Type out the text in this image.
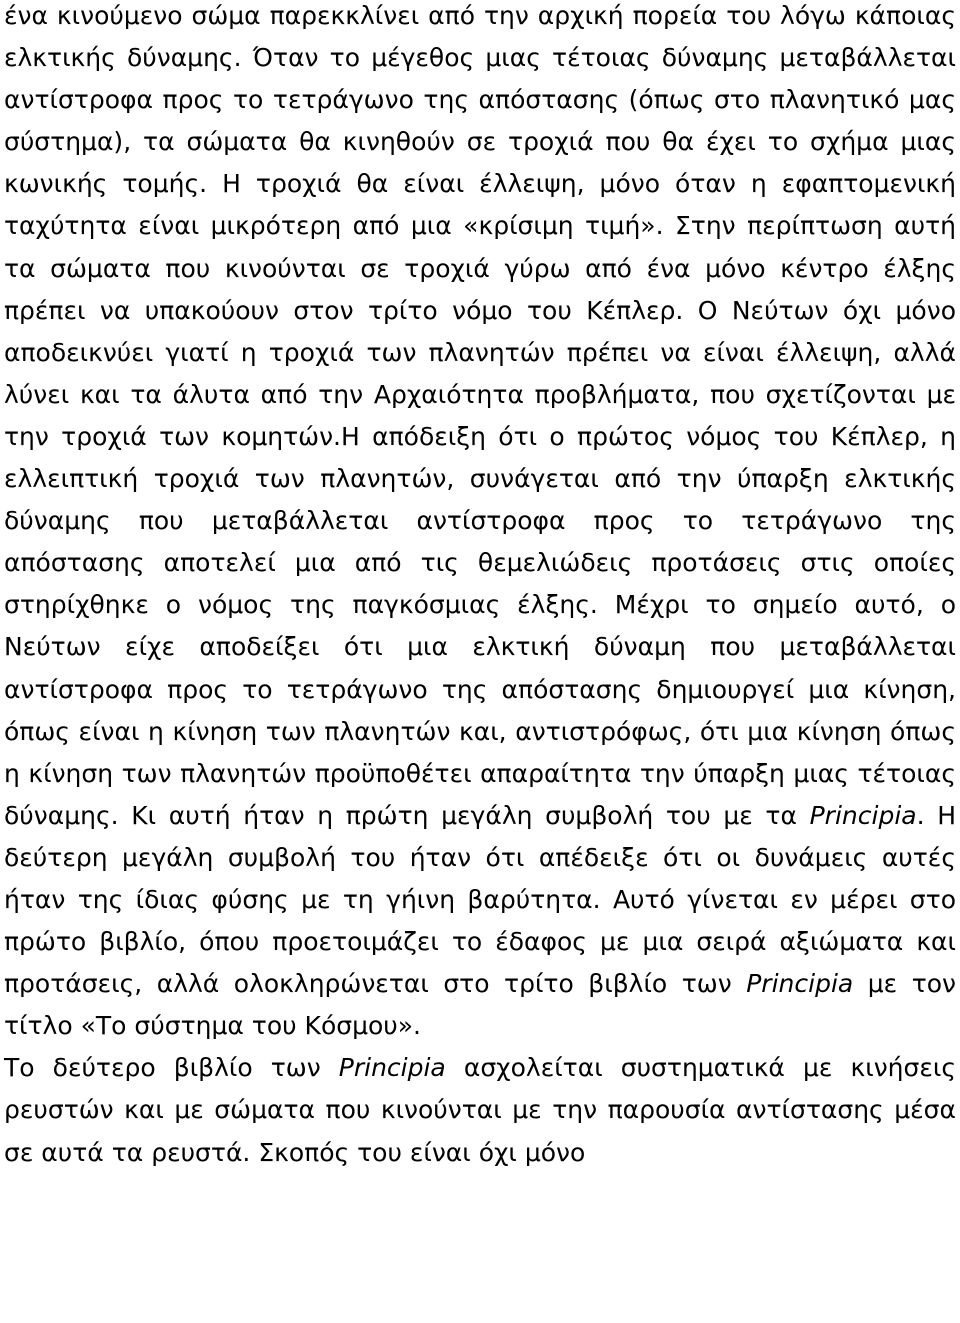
ένα κινούμενο σώμα παρεκκλίνει από την αρχική πορεία του λόγω κάποιας ελκτικής δύναμης. Όταν το μέγεθος μιας τέτοιας δύναμης μεταβάλλεται αντίστροφα προς το τετράγωνο της απόστασης (όπως στο πλανητικό μας σύστημα), τα σώματα θα κινηθούν σε τροχιά που θα έχει το σχήμα μιας κωνικής τομής. Η τροχιά θα είναι έλλειψη, μόνο όταν η εφαπτομενική ταχύτητα είναι μικρότερη από μια «κρίσιμη τιμή». Στην περίπτωση αυτή τα σώματα που κινούνται σε τροχιά γύρω από ένα μόνο κέντρο έλξης πρέπει να υπακούουν στον τρίτο νόμο του Κέπλερ. Ο Νεύτων όχι μόνο αποδεικνύει γιατί η τροχιά των πλανητών πρέπει να είναι έλλειψη, αλλά λύνει και τα άλυτα από την Αρχαιότητα προβλήματα, που σχετίζονται με την τροχιά των κομητών.Η απόδειξη ότι ο πρώτος νόμος του Κέπλερ, η ελλειπτική τροχιά των πλανητών, συνάγεται από την ύπαρξη ελκτικής δύναμης που μεταβάλλεται αντίστροφα προς το τετράγωνο της απόστασης αποτελεί μια από τις θεμελιώδεις προτάσεις στις οποίες στηρίχθηκε ο νόμος της παγκόσμιας έλξης. Μέχρι το σημείο αυτό, ο Νεύτων είχε αποδείξει ότι μια ελκτική δύναμη που μεταβάλλεται αντίστροφα προς το τετράγωνο της απόστασης δημιουργεί μια κίνηση, όπως είναι η κίνηση των πλανητών και, αντιστρόφως, ότι μια κίνηση όπως η κίνηση των πλανητών προϋποθέτει απαραίτητα την ύπαρξη μιας τέτοιας δύναμης. Κι αυτή ήταν η πρώτη μεγάλη συμβολή του με τα Principia. Η δεύτερη μεγάλη συμβολή του ήταν ότι απέδειξε ότι οι δυνάμεις αυτές ήταν της ίδιας φύσης με τη γήινη βαρύτητα. Αυτό γίνεται εν μέρει στο πρώτο βιβλίο, όπου προετοιμάζει το έδαφος με μια σειρά αξιώματα και προτάσεις, αλλά ολοκληρώνεται στο τρίτο βιβλίο των Principia με τον τίτλο «Το σύστημα του Κόσμου».

Το δεύτερο βιβλίο των Principia ασχολείται συστηματικά με κινήσεις ρευστών και με σώματα που κινούνται με την παρουσία αντίστασης μέσα σε αυτά τα ρευστά. Σκοπός του είναι όχι μόνο
